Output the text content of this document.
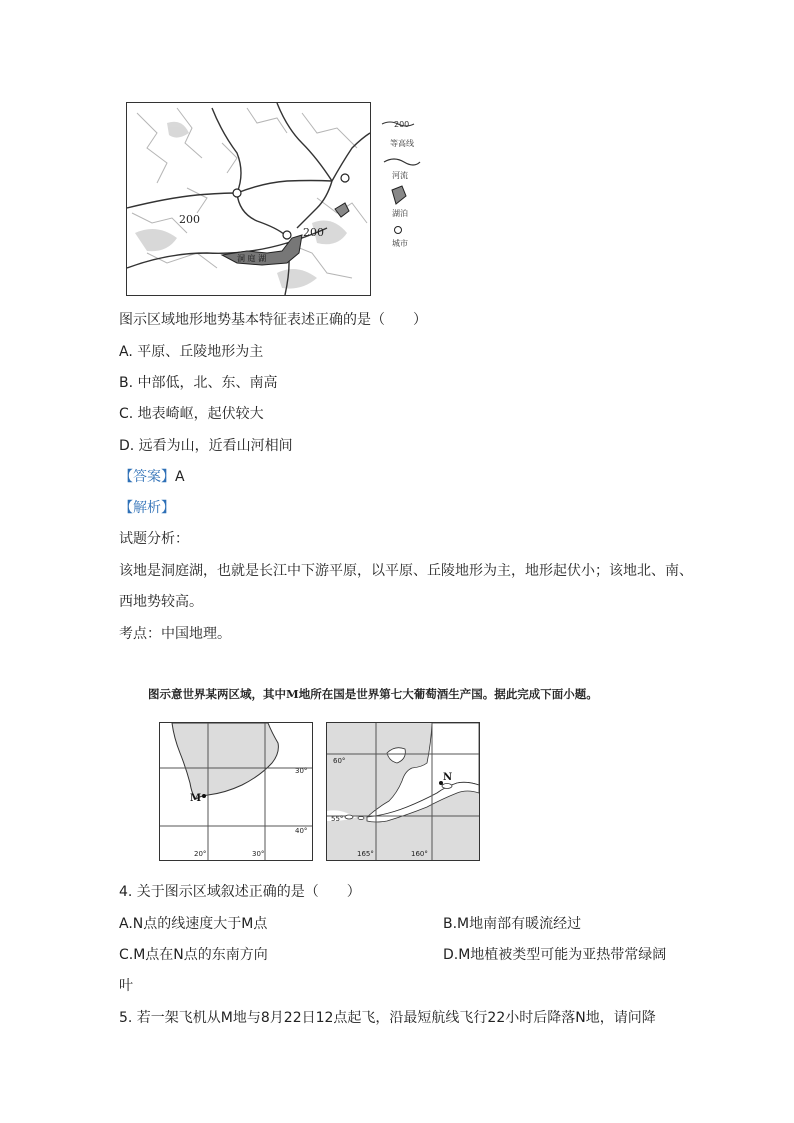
洞 庭 湖
200
200
200
等高线
河流
湖泊
城市
图示区域地形地势基本特征表述正确的是（　　）
A. 平原、丘陵地形为主
B. 中部低，北、东、南高
C. 地表崎岖，起伏较大
D. 远看为山，近看山河相间
【答案】A
【解析】
试题分析：
该地是洞庭湖，也就是长江中下游平原，以平原、丘陵地形为主，地形起伏小；该地北、南、
西地势较高。
考点：中国地理。
图示意世界某两区域，其中M地所在国是世界第七大葡萄酒生产国。据此完成下面小题。
M
30°
40°
20°	30°
N
60°
55°
165°	160°
4. 关于图示区域叙述正确的是（　　）
A.N点的线速度大于M点	B.M地南部有暖流经过
C.M点在N点的东南方向	D.M地植被类型可能为亚热带常绿阔
叶
5. 若一架飞机从M地与8月22日12点起飞，沿最短航线飞行22小时后降落N地，请问降
